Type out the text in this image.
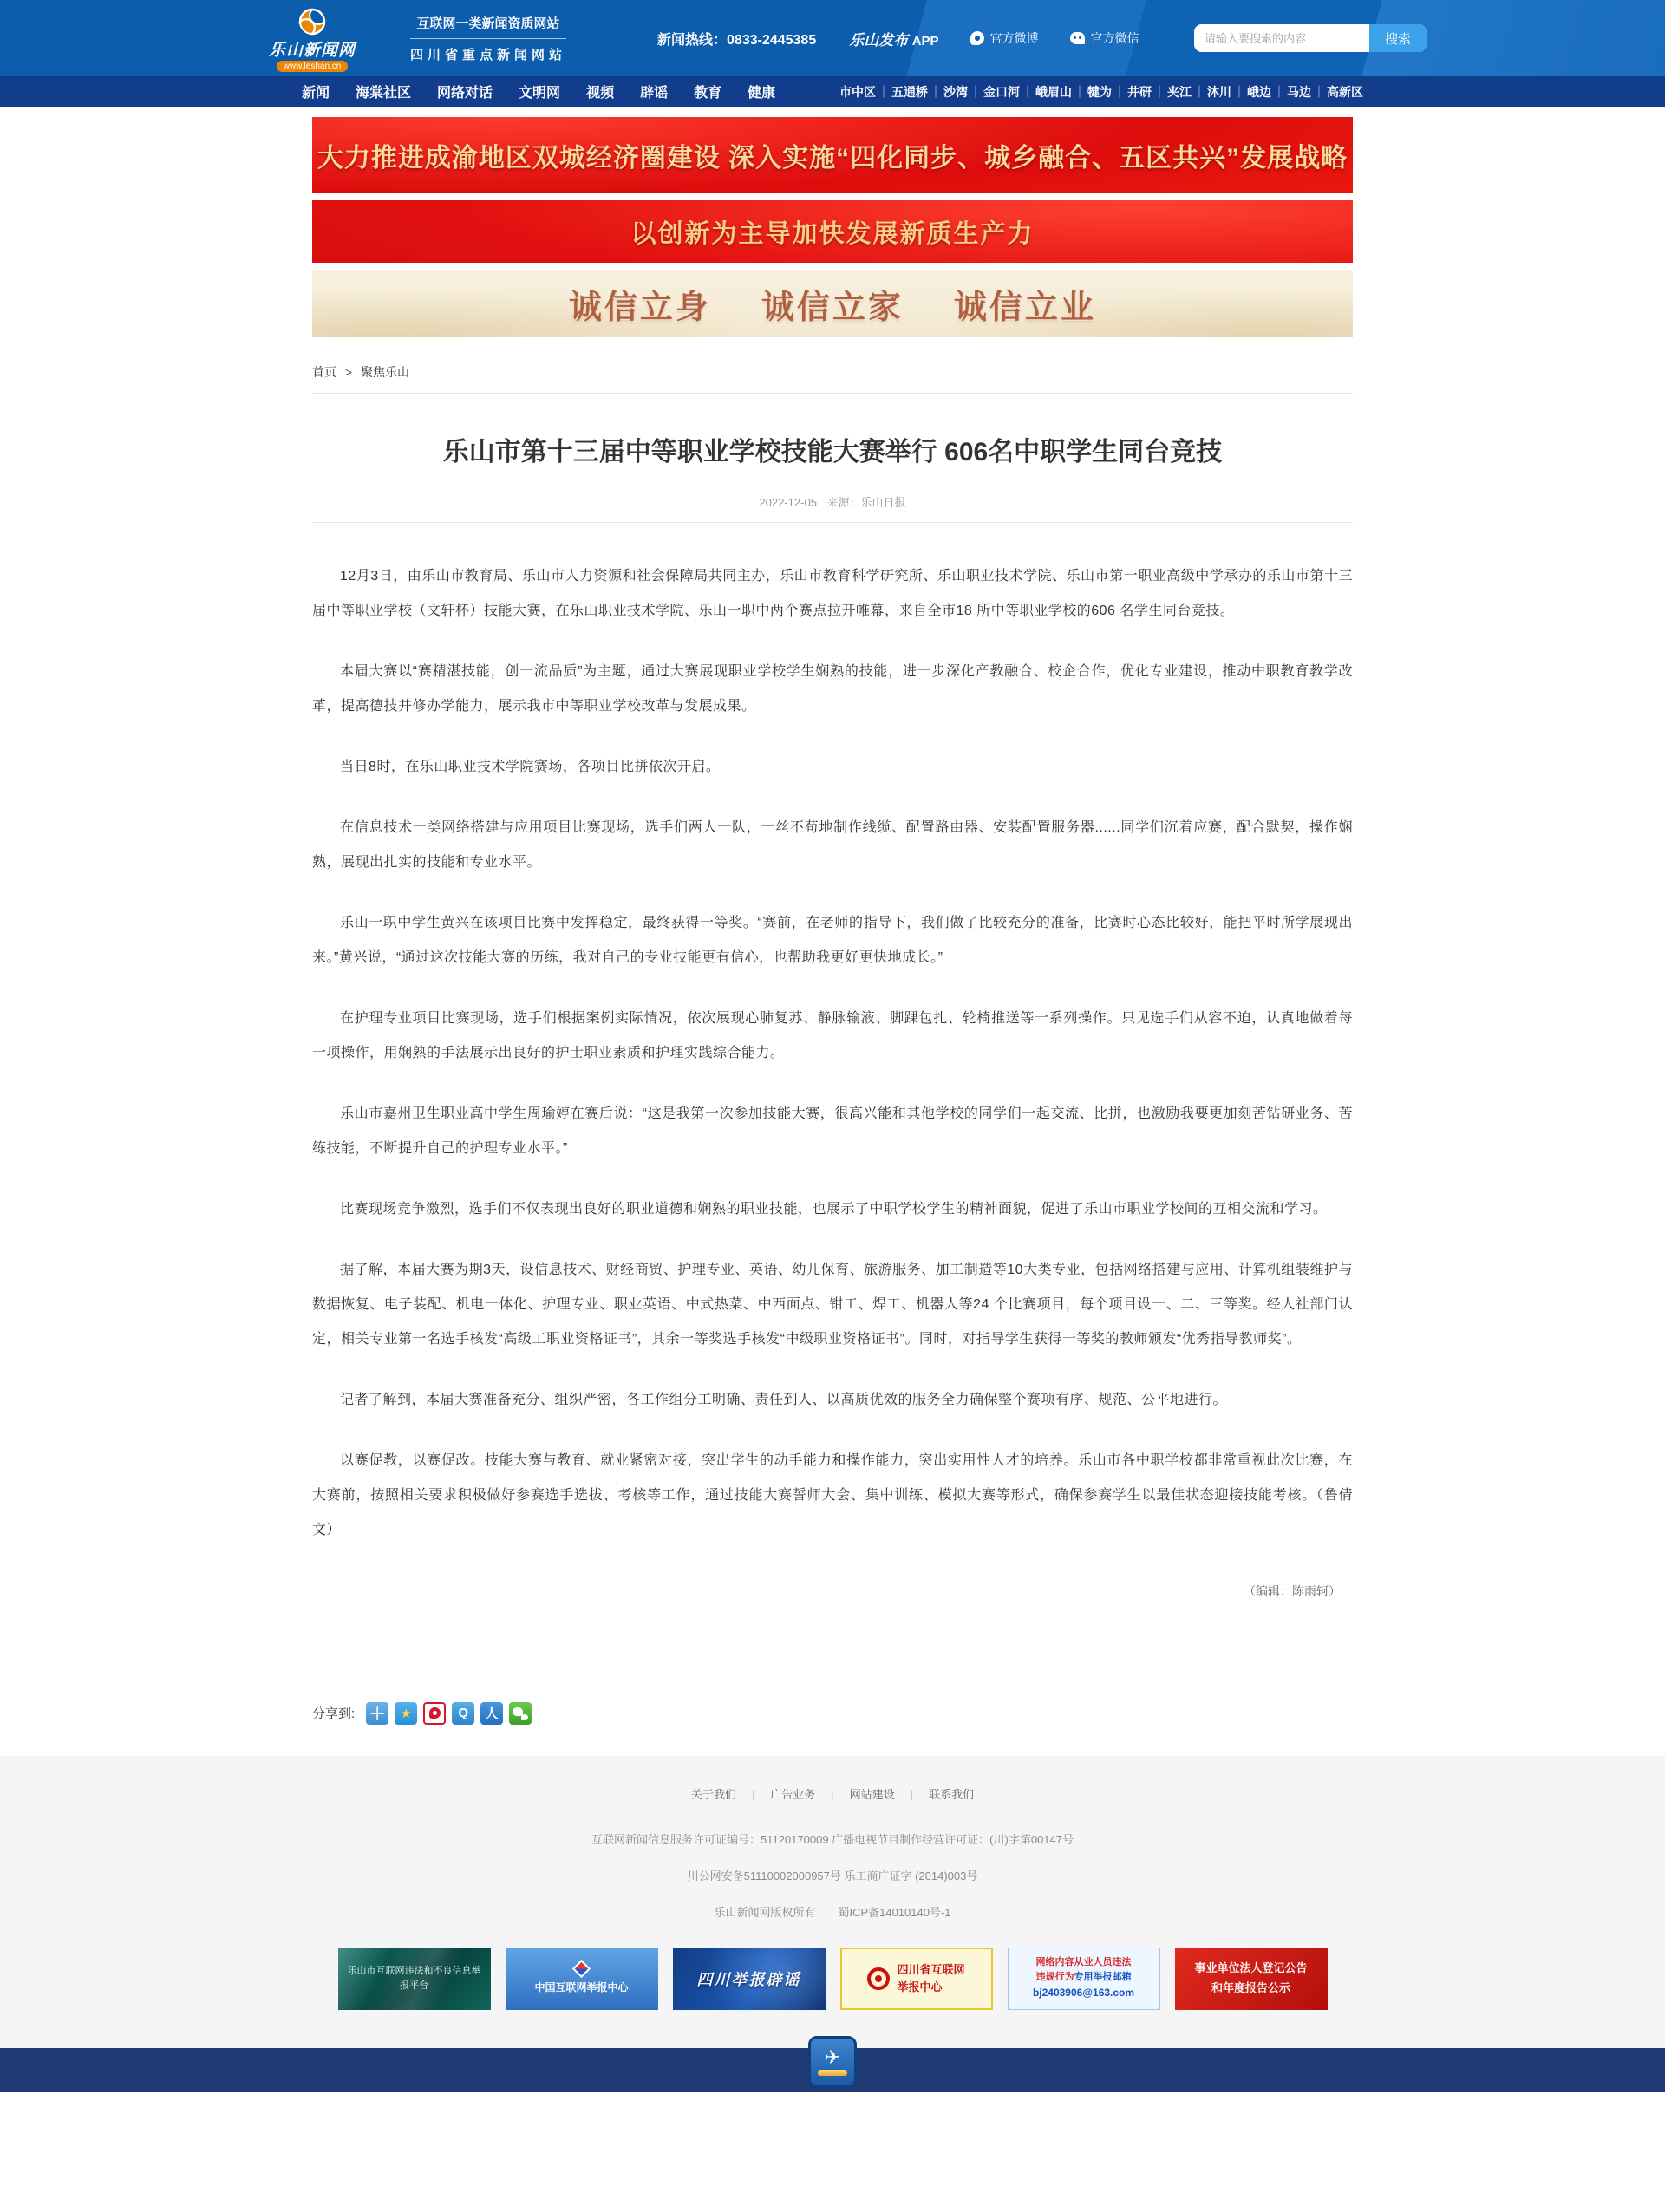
乐山新闻网
www.leshan.cn
互联网一类新闻资质网站
四川省重点新闻网站
新闻热线：0833-2445385 乐山发布 APP	官方微博	官方微信
请输入要搜索的内容	搜索
新闻 海棠社区 网络对话 文明网 视频 辟谣 教育 健康	市中区 ｜	五通桥 ｜	沙湾 ｜	金口河 ｜	峨眉山 ｜	犍为 ｜	井研 ｜	夹江 ｜	沐川 ｜	峨边 ｜	马边 ｜	高新区
大力推进成渝地区双城经济圈建设 深入实施“四化同步、城乡融合、五区共兴”发展战略
以创新为主导加快发展新质生产力
诚信立身 诚信立家 诚信立业
首页 > 聚焦乐山
乐山市第十三届中等职业学校技能大赛举行 606名中职学生同台竞技
2022-12-05 来源：乐山日报

12月3日，由乐山市教育局、乐山市人力资源和社会保障局共同主办，乐山市教育科学研究所、乐山职业技术学院、乐山市第一职业高级中学承办的乐山市第十三届中等职业学校（文轩杯）技能大赛，在乐山职业技术学院、乐山一职中两个赛点拉开帷幕，来自全市18 所中等职业学校的606 名学生同台竞技。

本届大赛以“赛精湛技能，创一流品质”为主题，通过大赛展现职业学校学生娴熟的技能，进一步深化产教融合、校企合作，优化专业建设，推动中职教育教学改革，提高德技并修办学能力，展示我市中等职业学校改革与发展成果。

当日8时，在乐山职业技术学院赛场，各项目比拼依次开启。

在信息技术一类网络搭建与应用项目比赛现场，选手们两人一队，一丝不苟地制作线缆、配置路由器、安装配置服务器......同学们沉着应赛，配合默契，操作娴熟，展现出扎实的技能和专业水平。

乐山一职中学生黄兴在该项目比赛中发挥稳定，最终获得一等奖。“赛前，在老师的指导下，我们做了比较充分的准备，比赛时心态比较好，能把平时所学展现出来。”黄兴说，“通过这次技能大赛的历练，我对自己的专业技能更有信心，也帮助我更好更快地成长。”

在护理专业项目比赛现场，选手们根据案例实际情况，依次展现心肺复苏、静脉输液、脚踝包扎、轮椅推送等一系列操作。只见选手们从容不迫，认真地做着每一项操作，用娴熟的手法展示出良好的护士职业素质和护理实践综合能力。

乐山市嘉州卫生职业高中学生周瑜婷在赛后说：“这是我第一次参加技能大赛，很高兴能和其他学校的同学们一起交流、比拼，也激励我要更加刻苦钻研业务、苦练技能，不断提升自己的护理专业水平。”

比赛现场竞争激烈，选手们不仅表现出良好的职业道德和娴熟的职业技能，也展示了中职学校学生的精神面貌，促进了乐山市职业学校间的互相交流和学习。

据了解，本届大赛为期3天，设信息技术、财经商贸、护理专业、英语、幼儿保育、旅游服务、加工制造等10大类专业，包括网络搭建与应用、计算机组装维护与数据恢复、电子装配、机电一体化、护理专业、职业英语、中式热菜、中西面点、钳工、焊工、机器人等24 个比赛项目，每个项目设一、二、三等奖。经人社部门认定，相关专业第一名选手核发“高级工职业资格证书”，其余一等奖选手核发“中级职业资格证书”。同时，对指导学生获得一等奖的教师颁发“优秀指导教师奖”。

记者了解到，本届大赛准备充分、组织严密，各工作组分工明确、责任到人、以高质优效的服务全力确保整个赛项有序、规范、公平地进行。

以赛促教，以赛促改。技能大赛与教育、就业紧密对接，突出学生的动手能力和操作能力，突出实用性人才的培养。乐山市各中职学校都非常重视此次比赛，在大赛前，按照相关要求积极做好参赛选手选拔、考核等工作，通过技能大赛誓师大会、集中训练、模拟大赛等形式，确保参赛学生以最佳状态迎接技能考核。（鲁倩文）

（编辑：陈雨轲）
分享到: ＋	★	Q	人
关于我们 |	广告业务 |	网站建设 |	联系我们
互联网新闻信息服务许可证编号：51120170009 广播电视节目制作经营许可证：(川)字第00147号
川公网安备51110002000957号 乐工商广证字 (2014)003号
乐山新闻网版权所有　　蜀ICP备14010140号-1
乐山市互联网违法和不良信息举报平台	中国互联网举报中心	四川举报辟谣
四川省互联网
举报中心
网络内容从业人员违法
违规行为专用举报邮箱
bj2403906@163.com
事业单位法人登记公告
和年度报告公示
✈
